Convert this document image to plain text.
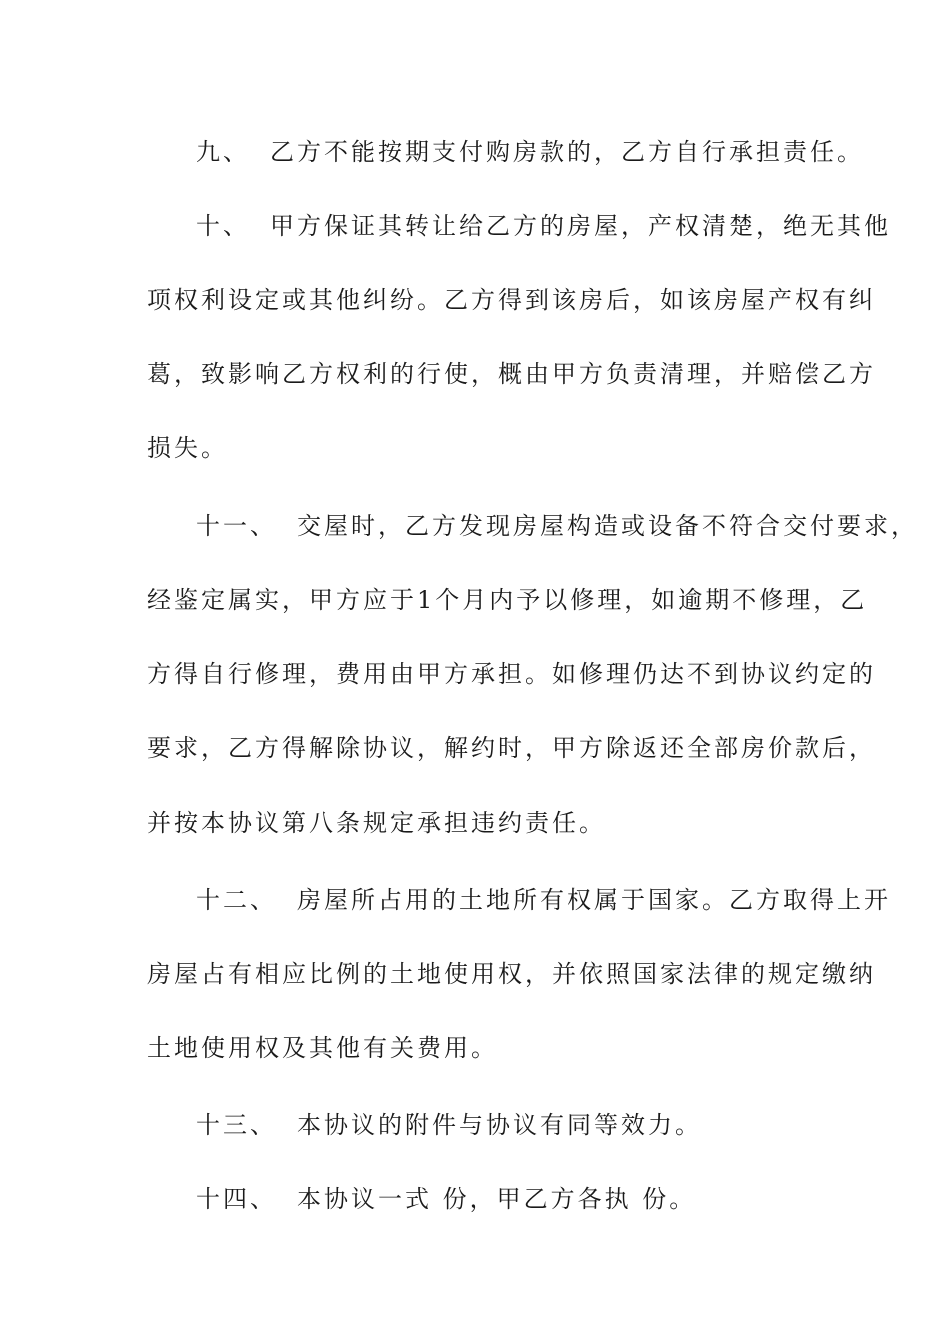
九、 乙方不能按期支付购房款的，乙方自行承担责任。
十、 甲方保证其转让给乙方的房屋，产权清楚，绝无其他
项权利设定或其他纠纷。乙方得到该房后，如该房屋产权有纠
葛，致影响乙方权利的行使，概由甲方负责清理，并赔偿乙方
损失。
十一、 交屋时，乙方发现房屋构造或设备不符合交付要求，
经鉴定属实，甲方应于1个月内予以修理，如逾期不修理，乙
方得自行修理，费用由甲方承担。如修理仍达不到协议约定的
要求，乙方得解除协议，解约时，甲方除返还全部房价款后，
并按本协议第八条规定承担违约责任。
十二、 房屋所占用的土地所有权属于国家。乙方取得上开
房屋占有相应比例的土地使用权，并依照国家法律的规定缴纳
土地使用权及其他有关费用。
十三、 本协议的附件与协议有同等效力。
十四、 本协议一式 份，甲乙方各执 份。
